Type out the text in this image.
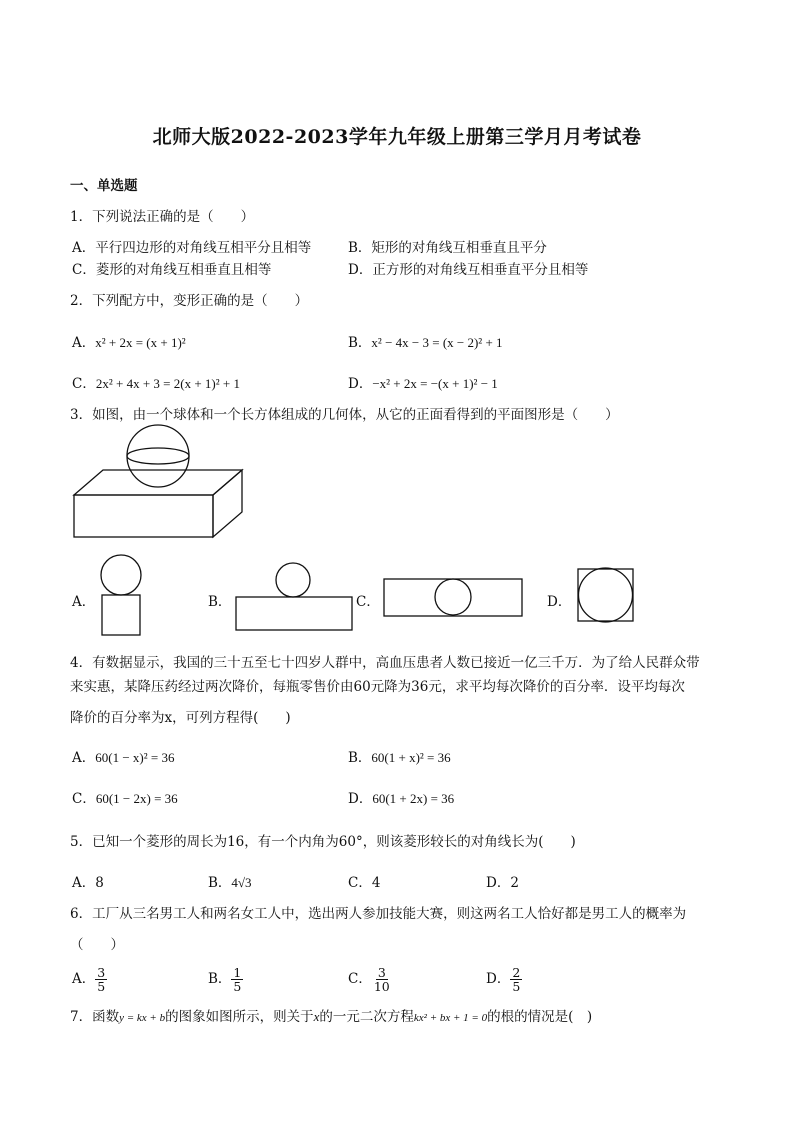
北师大版2022-2023学年九年级上册第三学月月考试卷
一、单选题
1．下列说法正确的是（　　）
A．平行四边形的对角线互相平分且相等	B．矩形的对角线互相垂直且平分
C．菱形的对角线互相垂直且相等	D．正方形的对角线互相垂直平分且相等
2．下列配方中，变形正确的是（　　）
A．x² + 2x = (x + 1)²	B．x² − 4x − 3 = (x − 2)² + 1
C．2x² + 4x + 3 = 2(x + 1)² + 1	D．−x² + 2x = −(x + 1)² − 1
3．如图，由一个球体和一个长方体组成的几何体，从它的正面看得到的平面图形是（　　）
A．	B．	C．	D．
4．有数据显示，我国的三十五至七十四岁人群中，高血压患者人数已接近一亿三千万．为了给人民群众带
来实惠，某降压药经过两次降价，每瓶零售价由60元降为36元，求平均每次降价的百分率．设平均每次
降价的百分率为x，可列方程得(　　)
A．60(1 − x)² = 36	B．60(1 + x)² = 36
C．60(1 − 2x) = 36	D．60(1 + 2x) = 36
5．已知一个菱形的周长为16，有一个内角为60°，则该菱形较长的对角线长为(　　)
A．8	B．4√3	C．4	D．2
6．工厂从三名男工人和两名女工人中，选出两人参加技能大赛，则这两名工人恰好都是男工人的概率为
（　　）
A． $\frac{3}{5}$	B． $\frac{1}{5}$	C． $\frac{3}{10}$	D． $\frac{2}{5}$
7．函数y = kx + b的图象如图所示，则关于x的一元二次方程kx² + bx + 1 = 0的根的情况是(　)
